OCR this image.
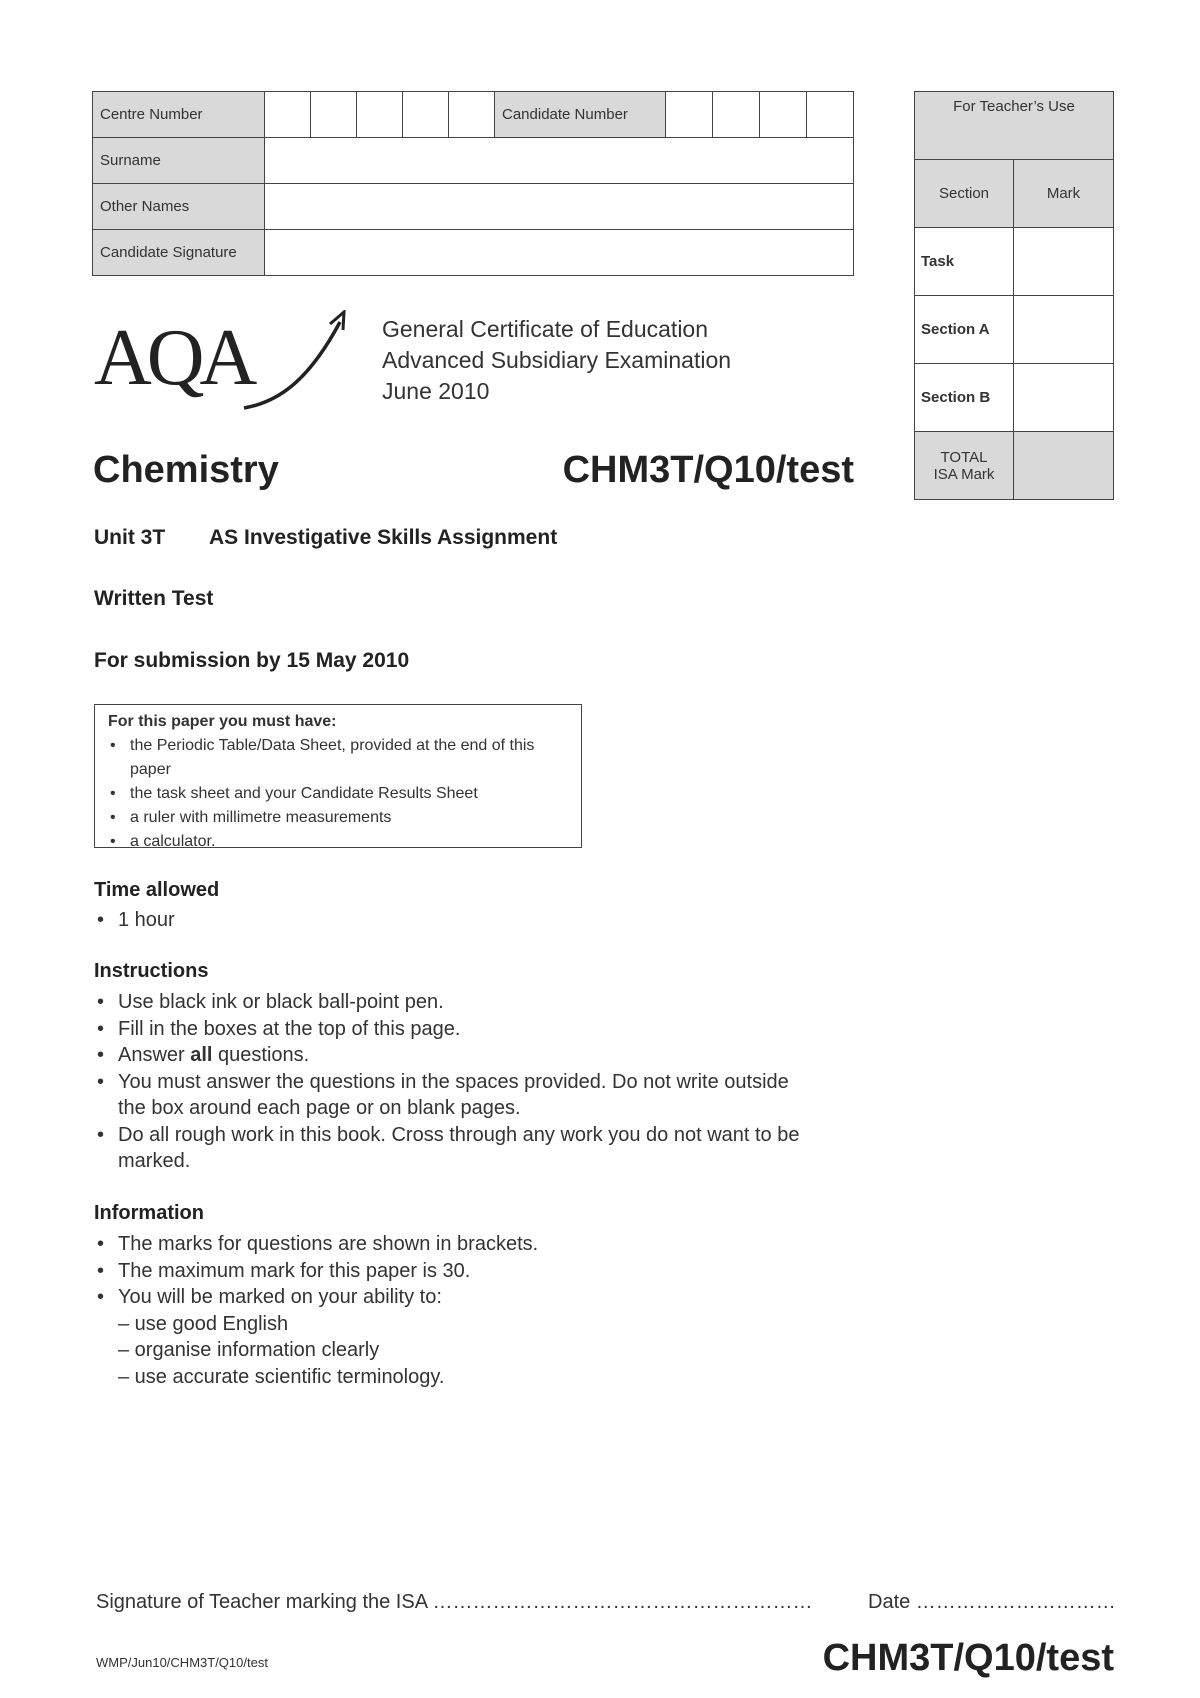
Centre Number						Candidate Number				
Surname										
Other Names										
Candidate Signature										
For Teacher’s Use	
Section	Mark
Task	
Section A	
Section B	

TOTAL
ISA Mark	

AQA	General Certificate of Education
Advanced Subsidiary Examination
June 2010
Chemistry	CHM3T/Q10/test
Unit 3T AS Investigative Skills Assignment
Written Test
For submission by 15 May 2010
For this paper you must have:
• the Periodic Table/Data Sheet, provided at the end of this paper
• the task sheet and your Candidate Results Sheet
• a ruler with millimetre measurements
• a calculator.
Time allowed
• 1 hour
Instructions
• Use black ink or black ball-point pen.
• Fill in the boxes at the top of this page.
• Answer all questions.
• You must answer the questions in the spaces provided. Do not write outside the box around each page or on blank pages.
• Do all rough work in this book. Cross through any work you do not want to be marked.
Information
• The marks for questions are shown in brackets.
• The maximum mark for this paper is 30.
• You will be marked on your ability to:
– use good English
– organise information clearly
– use accurate scientific terminology.
Signature of Teacher marking the ISA …………………………………………………	Date …………………………
WMP/Jun10/CHM3T/Q10/test	CHM3T/Q10/test
